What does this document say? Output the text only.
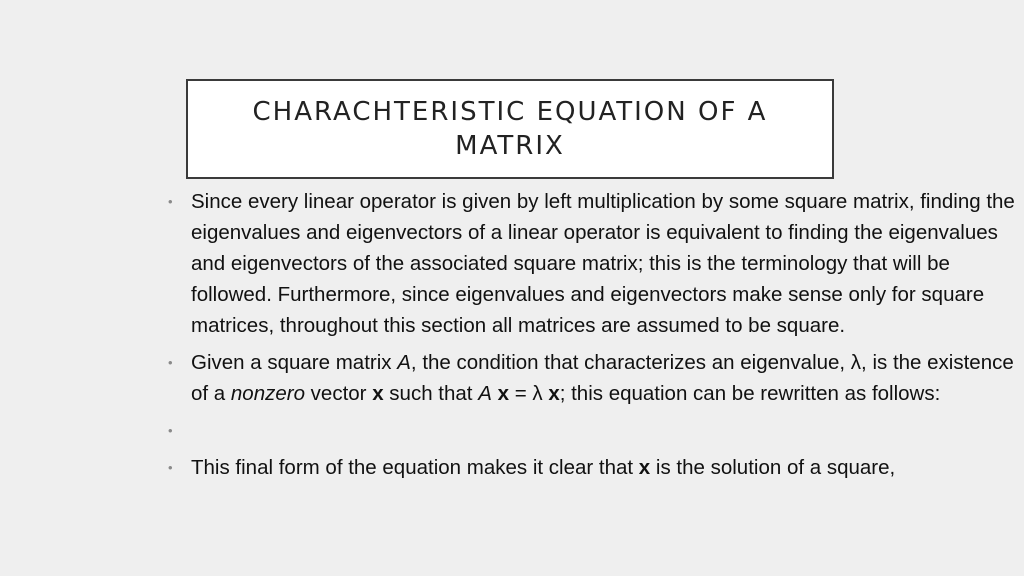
CHARACHTERISTIC EQUATION OF A MATRIX
• Since every linear operator is given by left multiplication by some square matrix, finding the eigenvalues and eigenvectors of a linear operator is equivalent to finding the eigenvalues and eigenvectors of the associated square matrix; this is the terminology that will be followed. Furthermore, since eigenvalues and eigenvectors make sense only for square matrices, throughout this section all matrices are assumed to be square.
• Given a square matrix A, the condition that characterizes an eigenvalue, λ, is the existence of a nonzero vector x such that A x = λ x; this equation can be rewritten as follows:
•
• This final form of the equation makes it clear that x is the solution of a square,
